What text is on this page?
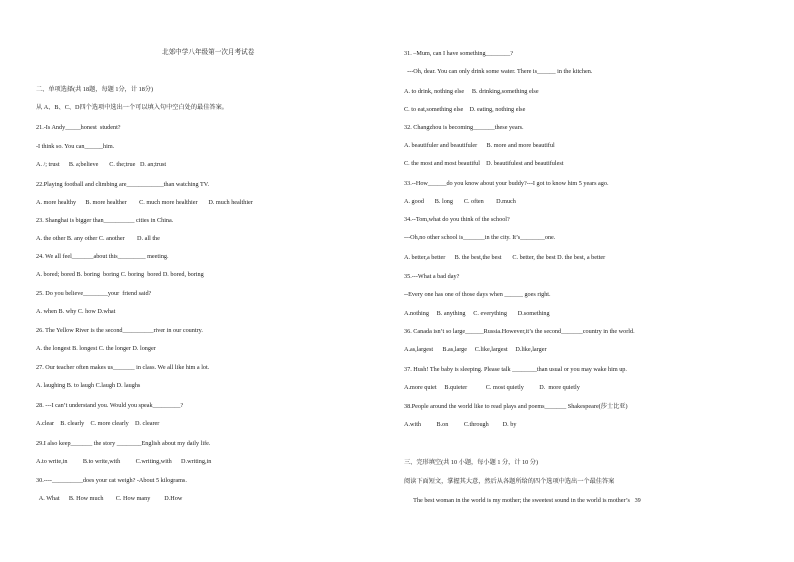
北郊中学八年级第一次月考试卷
二、单项选择(共 18题，每题 1分，计 18分)
从 A、B、C、D四个选项中选出一个可以填入句中空白处的最佳答案。
21.-Is Andy_____honest  student?
-I think so. You can______him.
A. /; trust      B. a;believe       C. the;true   D. an;trust
22.Playing football and climbing are____________than watching TV.
A. more healthy      B. more healther        C. much more healthier       D. much healthier
23. Shanghai is bigger than__________ cities in China.
A. the other B. any other C. another        D. all the
24. We all feel_______about this_________ meeting.
A. bored; bored B. boring  boring C. boring  bored D. bored, boring
25. Do you believe________your  friend said?
A. when B. why C. how D.what
26. The Yellow River is the second__________river in our country.
A. the longest B. longest C. the longer D. longer
27. Our teacher often makes us_______ in class. We all like him a lot.
A. laughing B. to laugh C.laugh D. laughs
28. ---I can’t understand you. Would you speak_________?
A.clear    B. clearly    C. more clearly    D. clearer
29.I also keep_______ the story ________English about my daily life.
A.to write,in          B.to write,with          C.writing,with      D.writing,in
30.----__________does your cat weigh? -About 5 kilograms.
A. What      B. How much        C. How many         D.How
31. –Mum, can I have something________?
---Oh, dear. You can only drink some water. There is______ in the kitchen.
A. to drink, nothing else     B. drinking,something else
C. to eat,something else    D. eating, nothing else
32. Changzhou is becoming_______these years.
A. beautifuler and beautifuler      B. more and more beautiful
C. the most and most beautiful    D. beautifulest and beautifulest
33.--How______do you know about your buddy?---I got to know him 5 years ago.
A. good       B. long       C. often        D.much
34.--Tom,what do you think of the school?
---Oh,no other school is_______in the city. It’s________one.
A. better,a better      B. the best,the best       C. better, the best D. the best, a better
35.---What a bad day?
--Every one has one of those days when ______ goes right.
A.nothing     B. anything     C. everything       D.something
36. Canada isn’t so large______Russia.However,it’s the second_______country in the world.
A.as,largest      B.as,large     C.like,largest     D.like,larger
37. Hush! The baby is sleeping. Please talk ________than usual or you may wake him up.
A.more quiet     B.quieter            C. most quietly          D.  more quietly
38.People around the world like to read plays and poems_______ Shakespeare(莎士比亚)
A.with          B.on          C.through         D. by
三、完形填空(共 10 小题，每小题 1 分，计 10 分)
阅读下面短文，掌握其大意，然后从各题所给的四个选项中选出一个最佳答案
The best woman in the world is my mother; the sweetest sound in the world is mother’s   39
